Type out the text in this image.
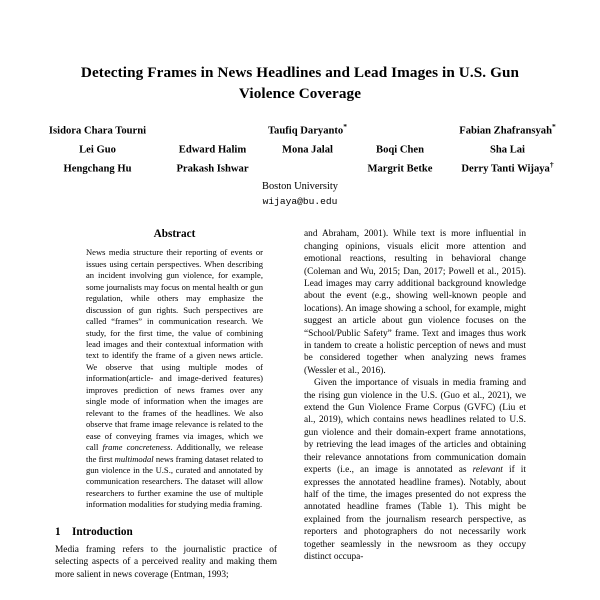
Detecting Frames in News Headlines and Lead Images in U.S. Gun Violence Coverage
Isidora Chara Tourni	Taufiq Daryanto*	Fabian Zhafransyah*
Lei Guo	Edward Halim	Mona Jalal	Boqi Chen	Sha Lai
Hengchang Hu	Prakash Ishwar	Margrit Betke	Derry Tanti Wijaya†
Boston University
wijaya@bu.edu
Abstract

News media structure their reporting of events or issues using certain perspectives. When describing an incident involving gun violence, for example, some journalists may focus on mental health or gun regulation, while others may emphasize the discussion of gun rights. Such perspectives are called “frames” in communication research. We study, for the first time, the value of combining lead images and their contextual information with text to identify the frame of a given news article. We observe that using multiple modes of information(article- and image-derived features) improves prediction of news frames over any single mode of information when the images are relevant to the frames of the headlines. We also observe that frame image relevance is related to the ease of conveying frames via images, which we call frame concreteness. Additionally, we release the first multimodal news framing dataset related to gun violence in the U.S., curated and annotated by communication researchers. The dataset will allow researchers to further examine the use of multiple information modalities for studying media framing.

1 Introduction

Media framing refers to the journalistic practice of selecting aspects of a perceived reality and making them more salient in news coverage (Entman, 1993;

and Abraham, 2001). While text is more influential in changing opinions, visuals elicit more attention and emotional reactions, resulting in behavioral change (Coleman and Wu, 2015; Dan, 2017; Powell et al., 2015). Lead images may carry additional background knowledge about the event (e.g., showing well-known people and locations). An image showing a school, for example, might suggest an article about gun violence focuses on the “School/Public Safety” frame. Text and images thus work in tandem to create a holistic perception of news and must be considered together when analyzing news frames (Wessler et al., 2016).

Given the importance of visuals in media framing and the rising gun violence in the U.S. (Guo et al., 2021), we extend the Gun Violence Frame Corpus (GVFC) (Liu et al., 2019), which contains news headlines related to U.S. gun violence and their domain-expert frame annotations, by retrieving the lead images of the articles and obtaining their relevance annotations from communication domain experts (i.e., an image is annotated as relevant if it expresses the annotated headline frames). Notably, about half of the time, the images presented do not express the annotated headline frames (Table 1). This might be explained from the journalism research perspective, as reporters and photographers do not necessarily work together seamlessly in the newsroom as they occupy distinct occupa-
